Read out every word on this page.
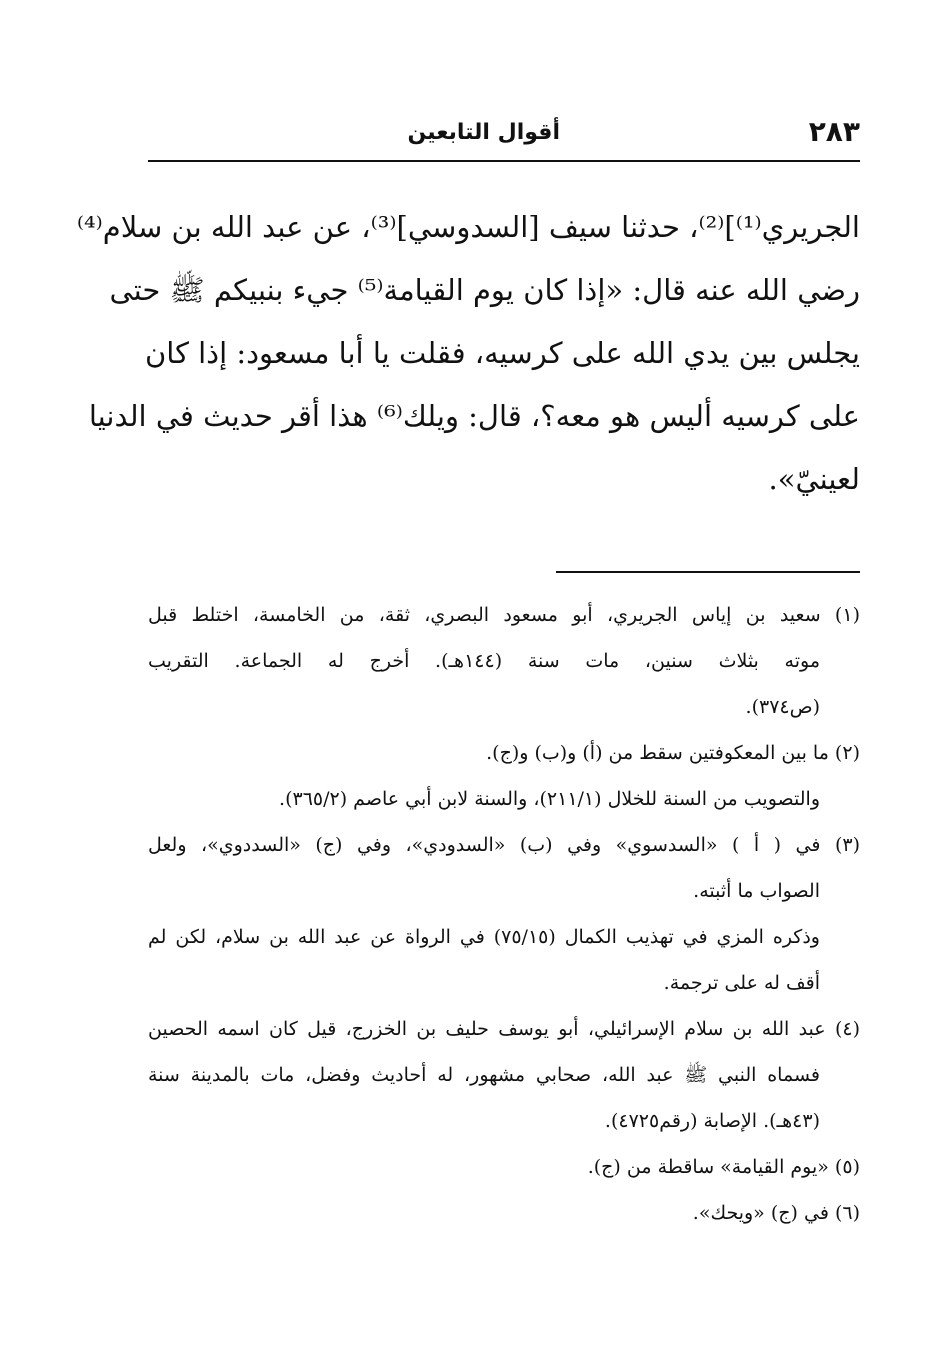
٢٨٣
أقوال التابعين
الجريري⁽¹⁾]⁽²⁾، حدثنا سيف [السدوسي]⁽³⁾، عن عبد الله بن سلام⁽⁴⁾
رضي الله عنه قال: «إذا كان يوم القيامة⁽⁵⁾ جيء بنبيكم ﷺ حتى
يجلس بين يدي الله على كرسيه، فقلت يا أبا مسعود: إذا كان
على كرسيه أليس هو معه؟، قال: ويلك⁽⁶⁾ هذا أقر حديث في الدنيا
لعينيّ».
(١) سعيد بن إياس الجريري، أبو مسعود البصري، ثقة، من الخامسة، اختلط قبل
موته بثلاث سنين، مات سنة (١٤٤هـ). أخرج له الجماعة. التقريب
(ص٣٧٤).
(٢) ما بين المعكوفتين سقط من (أ) و(ب) و(ج).
والتصويب من السنة للخلال (٢١١/١)، والسنة لابن أبي عاصم (٣٦٥/٢).
(٣) في ( أ ) «السدسوي» وفي (ب) «السدودي»، وفي (ج) «السددوي»، ولعل
الصواب ما أثبته.
وذكره المزي في تهذيب الكمال (٧٥/١٥) في الرواة عن عبد الله بن سلام، لكن لم
أقف له على ترجمة.
(٤) عبد الله بن سلام الإسرائيلي، أبو يوسف حليف بن الخزرج، قيل كان اسمه الحصين
فسماه النبي ﷺ عبد الله، صحابي مشهور، له أحاديث وفضل، مات بالمدينة سنة
(٤٣هـ). الإصابة (رقم٤٧٢٥).
(٥) «يوم القيامة» ساقطة من (ج).
(٦) في (ج) «ويحك».
